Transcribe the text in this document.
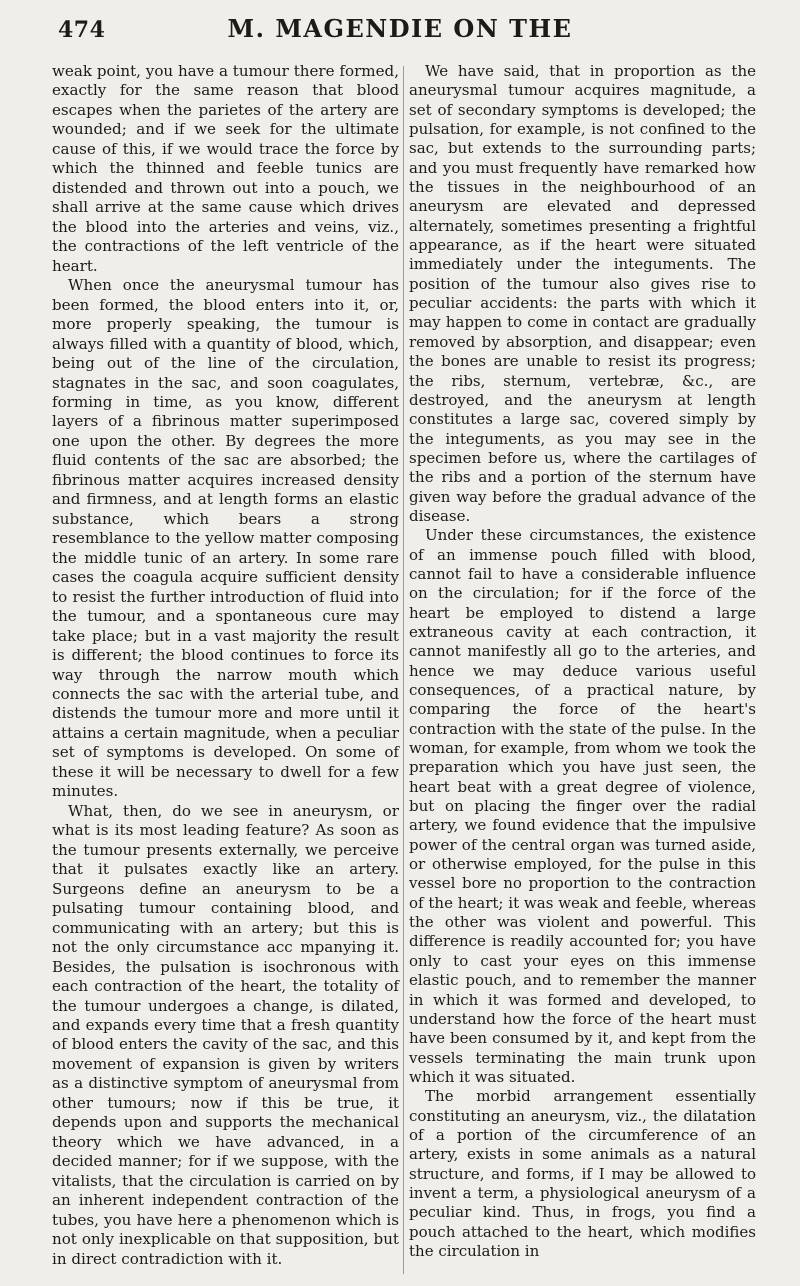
474	M. MAGENDIE ON THE

weak point, you have a tumour there formed, exactly for the same reason that blood escapes when the parietes of the artery are wounded; and if we seek for the ultimate cause of this, if we would trace the force by which the thinned and feeble tunics are distended and thrown out into a pouch, we shall arrive at the same cause which drives the blood into the arteries and veins, viz., the contractions of the left ventricle of the heart.

When once the aneurysmal tumour has been formed, the blood enters into it, or, more properly speaking, the tumour is always filled with a quantity of blood, which, being out of the line of the circulation, stagnates in the sac, and soon coagulates, forming in time, as you know, different layers of a fibrinous matter superimposed one upon the other. By degrees the more fluid contents of the sac are absorbed; the fibrinous matter acquires increased density and firmness, and at length forms an elastic substance, which bears a strong resemblance to the yellow matter composing the middle tunic of an artery. In some rare cases the coagula acquire sufficient density to resist the further introduction of fluid into the tumour, and a spontaneous cure may take place; but in a vast majority the result is different; the blood continues to force its way through the narrow mouth which connects the sac with the arterial tube, and distends the tumour more and more until it attains a certain magnitude, when a peculiar set of symptoms is developed. On some of these it will be necessary to dwell for a few minutes.

What, then, do we see in aneurysm, or what is its most leading feature? As soon as the tumour presents externally, we perceive that it pulsates exactly like an artery. Surgeons define an aneurysm to be a pulsating tumour containing blood, and communicating with an artery; but this is not the only circumstance acc mpanying it. Besides, the pulsation is isochronous with each contraction of the heart, the totality of the tumour undergoes a change, is dilated, and expands every time that a fresh quantity of blood enters the cavity of the sac, and this movement of expansion is given by writers as a distinctive symptom of aneurysmal from other tumours; now if this be true, it depends upon and supports the mechanical theory which we have advanced, in a decided manner; for if we suppose, with the vitalists, that the circulation is carried on by an inherent independent contraction of the tubes, you have here a phenomenon which is not only inexplicable on that supposition, but in direct contradiction with it.

We have said, that in proportion as the aneurysmal tumour acquires magnitude, a set of secondary symptoms is developed; the pulsation, for example, is not confined to the sac, but extends to the surrounding parts; and you must frequently have remarked how the tissues in the neighbourhood of an aneurysm are elevated and depressed alternately, sometimes presenting a frightful appearance, as if the heart were situated immediately under the integuments. The position of the tumour also gives rise to peculiar accidents: the parts with which it may happen to come in contact are gradually removed by absorption, and disappear; even the bones are unable to resist its progress; the ribs, sternum, vertebræ, &c., are destroyed, and the aneurysm at length constitutes a large sac, covered simply by the integuments, as you may see in the specimen before us, where the cartilages of the ribs and a portion of the sternum have given way before the gradual advance of the disease.

Under these circumstances, the existence of an immense pouch filled with blood, cannot fail to have a considerable influence on the circulation; for if the force of the heart be employed to distend a large extraneous cavity at each contraction, it cannot manifestly all go to the arteries, and hence we may deduce various useful consequences, of a practical nature, by comparing the force of the heart's contraction with the state of the pulse. In the woman, for example, from whom we took the preparation which you have just seen, the heart beat with a great degree of violence, but on placing the finger over the radial artery, we found evidence that the impulsive power of the central organ was turned aside, or otherwise employed, for the pulse in this vessel bore no proportion to the contraction of the heart; it was weak and feeble, whereas the other was violent and powerful. This difference is readily accounted for; you have only to cast your eyes on this immense elastic pouch, and to remember the manner in which it was formed and developed, to understand how the force of the heart must have been consumed by it, and kept from the vessels terminating the main trunk upon which it was situated.

The morbid arrangement essentially constituting an aneurysm, viz., the dilatation of a portion of the circumference of an artery, exists in some animals as a natural structure, and forms, if I may be allowed to invent a term, a physiological aneurysm of a peculiar kind. Thus, in frogs, you find a pouch attached to the heart, which modifies the circulation in
